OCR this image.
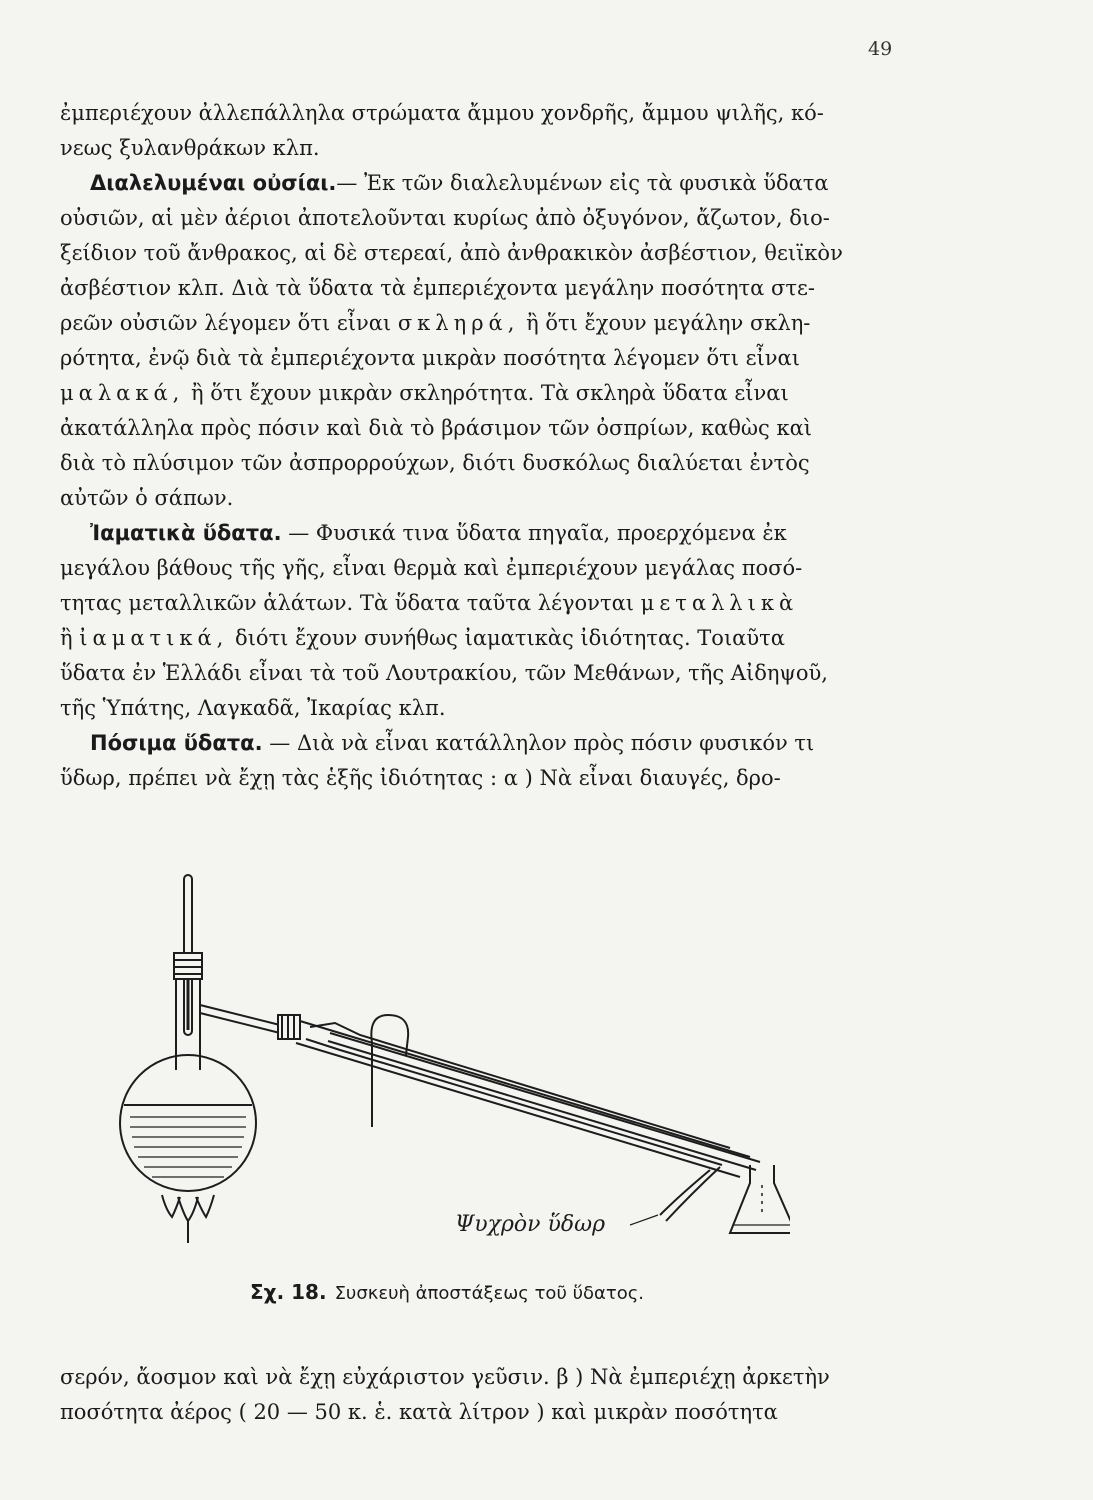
49
ἐμπεριέχουν ἀλλεπάλληλα στρώματα ἄμμου χονδρῆς, ἄμμου ψιλῆς, κό-
νεως ξυλανθράκων κλπ.
Διαλελυμέναι οὐσίαι.— Ἐκ τῶν διαλελυμένων εἰς τὰ φυσικὰ ὕδατα
οὐσιῶν, αἱ μὲν ἀέριοι ἀποτελοῦνται κυρίως ἀπὸ ὀξυγόνον, ἄζωτον, διο-
ξείδιον τοῦ ἄνθρακος, αἱ δὲ στερεαί, ἀπὸ ἀνθρακικὸν ἀσβέστιον, θειϊκὸν
ἀσβέστιον κλπ. Διὰ τὰ ὕδατα τὰ ἐμπεριέχοντα μεγάλην ποσότητα στε-
ρεῶν οὐσιῶν λέγομεν ὅτι εἶναι σκληρά, ἢ ὅτι ἔχουν μεγάλην σκλη-
ρότητα, ἐνῷ διὰ τὰ ἐμπεριέχοντα μικρὰν ποσότητα λέγομεν ὅτι εἶναι
μαλακά, ἢ ὅτι ἔχουν μικρὰν σκληρότητα. Τὰ σκληρὰ ὕδατα εἶναι
ἀκατάλληλα πρὸς πόσιν καὶ διὰ τὸ βράσιμον τῶν ὀσπρίων, καθὼς καὶ
διὰ τὸ πλύσιμον τῶν ἀσπρορρούχων, διότι δυσκόλως διαλύεται ἐντὸς
αὐτῶν ὁ σάπων.
Ἰαματικὰ ὕδατα. — Φυσικά τινα ὕδατα πηγαῖα, προερχόμενα ἐκ
μεγάλου βάθους τῆς γῆς, εἶναι θερμὰ καὶ ἐμπεριέχουν μεγάλας ποσό-
τητας μεταλλικῶν ἁλάτων. Τὰ ὕδατα ταῦτα λέγονται μεταλλικὰ
ἢ ἰαματικά, διότι ἔχουν συνήθως ἰαματικὰς ἰδιότητας. Τοιαῦτα
ὕδατα ἐν Ἑλλάδι εἶναι τὰ τοῦ Λουτρακίου, τῶν Μεθάνων, τῆς Αἰδηψοῦ,
τῆς Ὑπάτης, Λαγκαδᾶ, Ἰκαρίας κλπ.
Πόσιμα ὕδατα. — Διὰ νὰ εἶναι κατάλληλον πρὸς πόσιν φυσικόν τι
ὕδωρ, πρέπει νὰ ἔχῃ τὰς ἑξῆς ἰδιότητας : α ) Νὰ εἶναι διαυγές, δρο-
Ψυχρὸν ὕδωρ
Σχ. 18. Συσκευὴ ἀποστάξεως τοῦ ὕδατος.
σερόν, ἄοσμον καὶ νὰ ἔχῃ εὐχάριστον γεῦσιν. β ) Νὰ ἐμπεριέχῃ ἀρκετὴν
ποσότητα ἀέρος ( 20 — 50 κ. ἑ. κατὰ λίτρον ) καὶ μικρὰν ποσότητα
